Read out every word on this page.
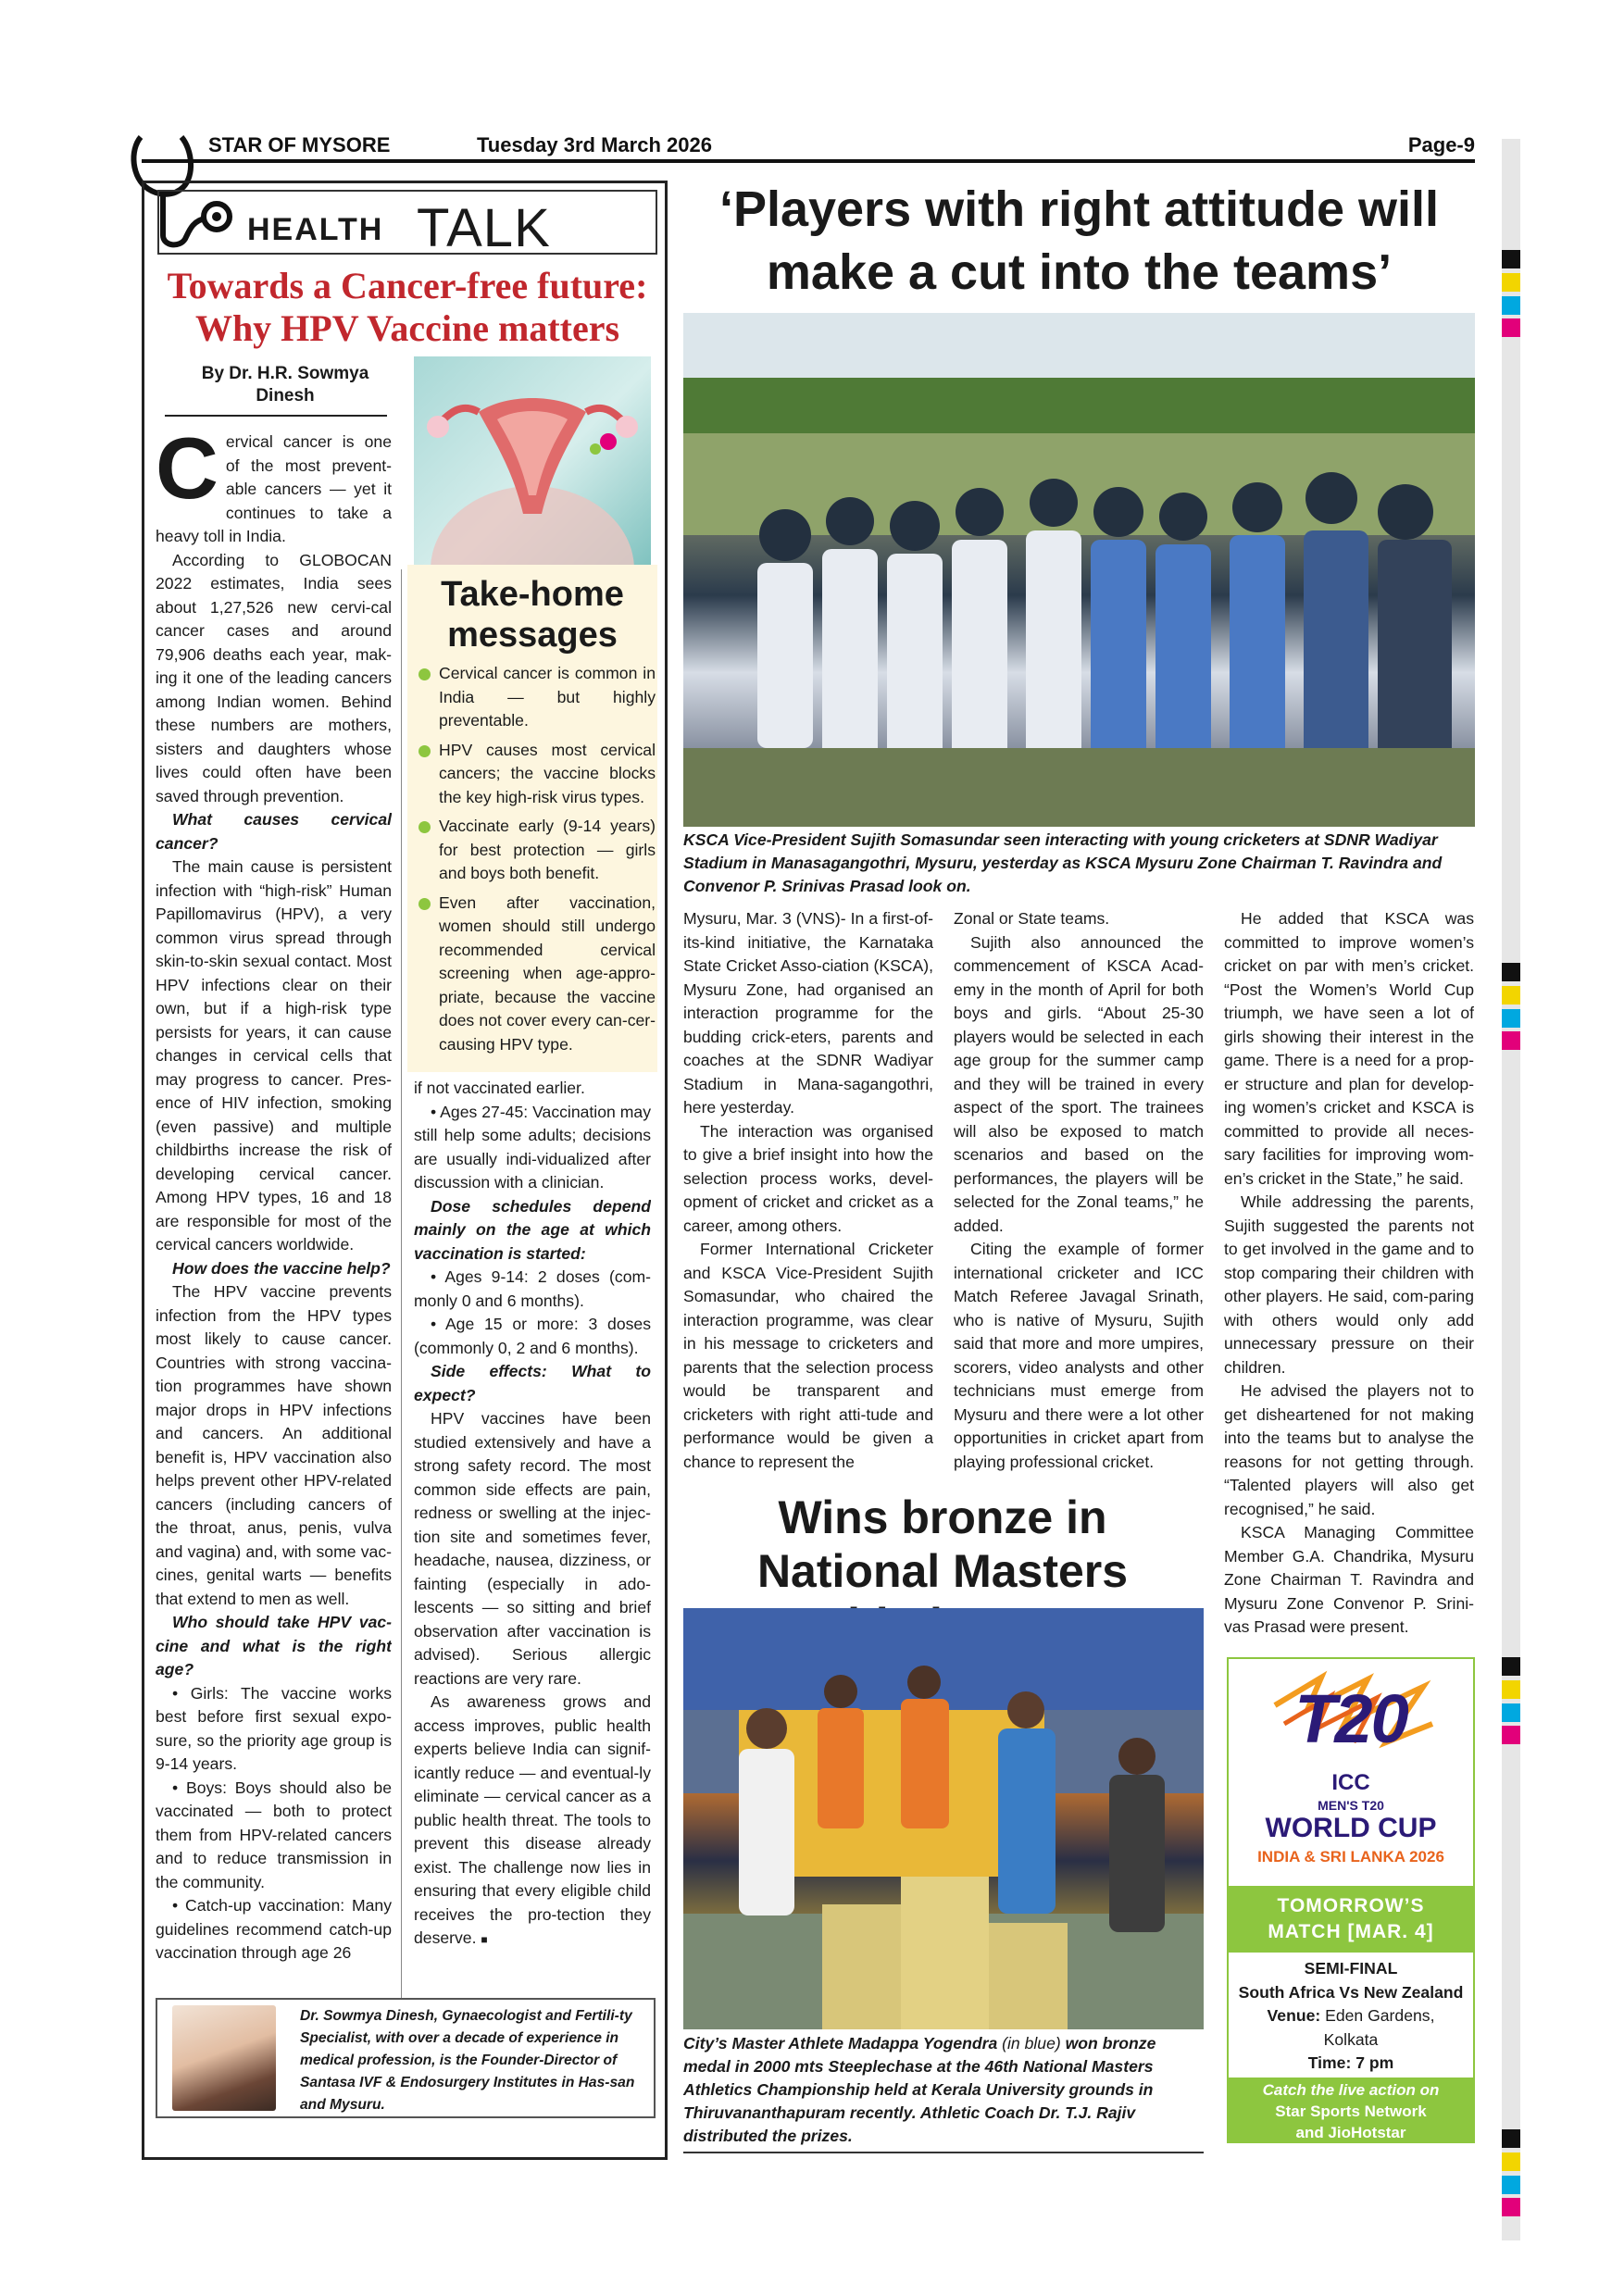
STAR OF MYSORE	Tuesday 3rd March 2026	Page-9
HEALTH TALK
Towards a Cancer-free future:
Why HPV Vaccine matters
By Dr. H.R. Sowmya
Dinesh
C ervical cancer is one of the most prevent-able cancers — yet it continues to take a heavy toll in India.

According to GLOBOCAN 2022 estimates, India sees about 1,27,526 new cervi-cal cancer cases and around 79,906 deaths each year, mak-ing it one of the leading cancers among Indian women. Behind these numbers are mothers, sisters and daughters whose lives could often have been saved through prevention.

What causes cervical cancer?

The main cause is persistent infection with “high-risk” Human Papillomavirus (HPV), a very common virus spread through skin-to-skin sexual contact. Most HPV infections clear on their own, but if a high-risk type persists for years, it can cause changes in cervical cells that may progress to cancer. Pres-ence of HIV infection, smoking (even passive) and multiple childbirths increase the risk of developing cervical cancer. Among HPV types, 16 and 18 are responsible for most of the cervical cancers worldwide.

How does the vaccine help?

The HPV vaccine prevents infection from the HPV types most likely to cause cancer. Countries with strong vaccina-tion programmes have shown major drops in HPV infections and cancers. An additional benefit is, HPV vaccination also helps prevent other HPV-related cancers (including cancers of the throat, anus, penis, vulva and vagina) and, with some vac-cines, genital warts — benefits that extend to men as well.

Who should take HPV vac-cine and what is the right age?

• Girls: The vaccine works best before first sexual expo-sure, so the priority age group is 9-14 years.

• Boys: Boys should also be vaccinated — both to protect them from HPV-related cancers and to reduce transmission in the community.

• Catch-up vaccination: Many guidelines recommend catch-up vaccination through age 26

Take-home messages
Cervical cancer is common in India — but highly preventable.
HPV causes most cervical cancers; the vaccine blocks the key high-risk virus types.
Vaccinate early (9-14 years) for best protection — girls and boys both benefit.
Even after vaccination, women should still undergo recommended cervical screening when age-appro-priate, because the vaccine does not cover every can-cer-causing HPV type.

if not vaccinated earlier.

• Ages 27-45: Vaccination may still help some adults; decisions are usually indi-vidualized after discussion with a clinician.

Dose schedules depend mainly on the age at which vaccination is started:

• Ages 9-14: 2 doses (com-monly 0 and 6 months).

• Age 15 or more: 3 doses (commonly 0, 2 and 6 months).

Side effects: What to expect?

HPV vaccines have been studied extensively and have a strong safety record. The most common side effects are pain, redness or swelling at the injec-tion site and sometimes fever, headache, nausea, dizziness, or fainting (especially in ado-lescents — so sitting and brief observation after vaccination is advised). Serious allergic reactions are very rare.

As awareness grows and access improves, public health experts believe India can signif-icantly reduce — and eventual-ly eliminate — cervical cancer as a public health threat. The tools to prevent this disease already exist. The challenge now lies in ensuring that every eligible child receives the pro-tection they deserve. ■

Dr. Sowmya Dinesh, Gynaecologist and Fertili-ty Specialist, with over a decade of experience in medical profession, is the Founder-Director of Santasa IVF & Endosurgery Institutes in Has-san and Mysuru.
‘Players with right attitude will make a cut into the teams’
KSCA Vice-President Sujith Somasundar seen interacting with young cricketers at SDNR Wadiyar Stadium in Manasagangothri, Mysuru, yesterday as KSCA Mysuru Zone Chairman T. Ravindra and Convenor P. Srinivas Prasad look on.

Mysuru, Mar. 3 (VNS)- In a first-of-its-kind initiative, the Karnataka State Cricket Asso-ciation (KSCA), Mysuru Zone, had organised an interaction programme for the budding crick-eters, parents and coaches at the SDNR Wadiyar Stadium in Mana-sagangothri, here yesterday.

The interaction was organised to give a brief insight into how the selection process works, devel-opment of cricket and cricket as a career, among others.

Former International Cricketer and KSCA Vice-President Sujith Somasundar, who chaired the interaction programme, was clear in his message to cricketers and parents that the selection process would be transparent and cricketers with right atti-tude and performance would be given a chance to represent the

Zonal or State teams.

Sujith also announced the commencement of KSCA Acad-emy in the month of April for both boys and girls. “About 25-30 players would be selected in each age group for the summer camp and they will be trained in every aspect of the sport. The trainees will also be exposed to match scenarios and based on the performances, the players will be selected for the Zonal teams,” he added.

Citing the example of former international cricketer and ICC Match Referee Javagal Srinath, who is native of Mysuru, Sujith said that more and more umpires, scorers, video analysts and other technicians must emerge from Mysuru and there were a lot other opportunities in cricket apart from playing professional cricket.

He added that KSCA was committed to improve women’s cricket on par with men’s cricket. “Post the Women’s World Cup triumph, we have seen a lot of girls showing their interest in the game. There is a need for a prop-er structure and plan for develop-ing women’s cricket and KSCA is committed to provide all neces-sary facilities for improving wom-en’s cricket in the State,” he said.

While addressing the parents, Sujith suggested the parents not to get involved in the game and to stop comparing their children with other players. He said, com-paring with others would only add unnecessary pressure on their children.

He advised the players not to get disheartened for not making into the teams but to analyse the reasons for not getting through. “Talented players will also get recognised,” he said.

KSCA Managing Committee Member G.A. Chandrika, Mysuru Zone Chairman T. Ravindra and Mysuru Zone Convenor P. Srini-vas Prasad were present.

Wins bronze in National Masters
City’s Master Athlete Madappa Yogendra (in blue) won bronze medal in 2000 mts Steeplechase at the 46th National Masters Athletics Championship held at Kerala University grounds in Thiruvananthapuram recently. Athletic Coach Dr. T.J. Rajiv distributed the prizes.
T20
ICC
MEN'S T20
WORLD CUP
INDIA & SRI LANKA 2026
TOMORROW’S
MATCH [MAR. 4]
SEMI-FINAL
South Africa Vs New Zealand
Venue: Eden Gardens,
Kolkata
Time: 7 pm
Catch the live action on
Star Sports Network
and JioHotstar
